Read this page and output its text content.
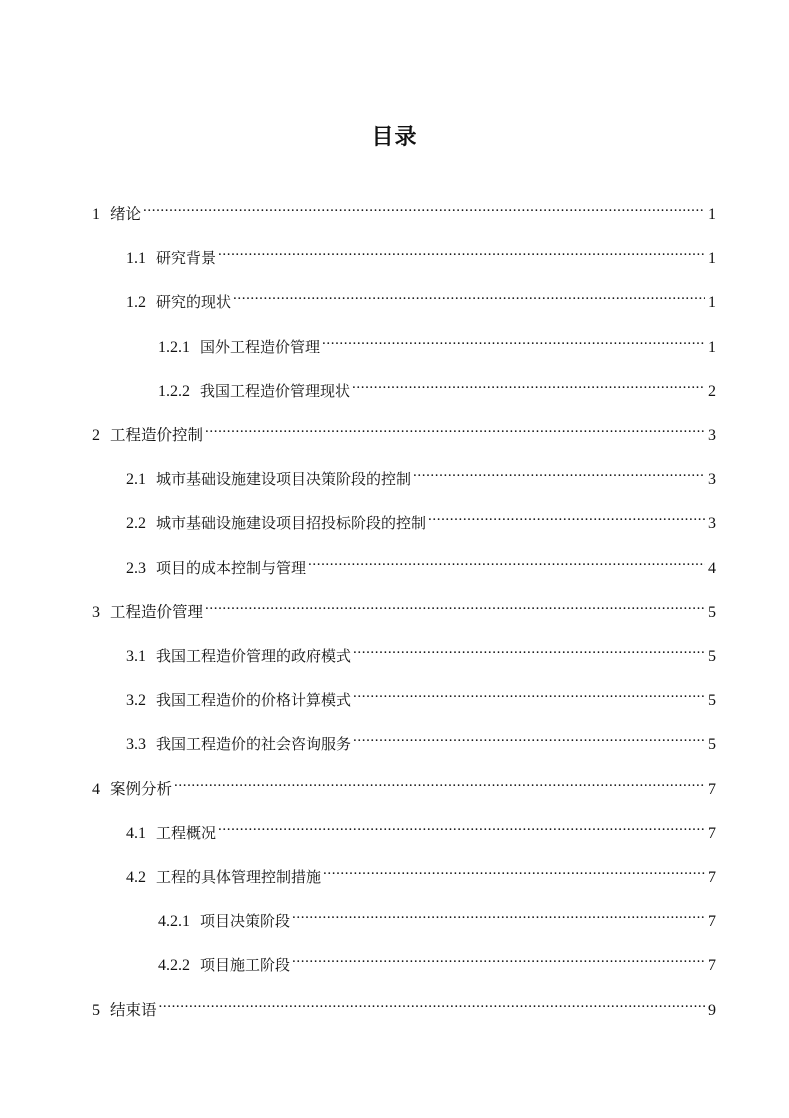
目录
1 绪论 .....	1
1.1 研究背景 .....	1
1.2 研究的现状 .....	1
1.2.1 国外工程造价管理 .....	1
1.2.2 我国工程造价管理现状 .....	2
2 工程造价控制 .....	3
2.1 城市基础设施建设项目决策阶段的控制 .....	3
2.2 城市基础设施建设项目招投标阶段的控制 .....	3
2.3 项目的成本控制与管理 .....	4
3 工程造价管理 .....	5
3.1 我国工程造价管理的政府模式 .....	5
3.2 我国工程造价的价格计算模式 .....	5
3.3 我国工程造价的社会咨询服务 .....	5
4 案例分析 .....	7
4.1 工程概况 .....	7
4.2 工程的具体管理控制措施 .....	7
4.2.1 项目决策阶段 .....	7
4.2.2 项目施工阶段 .....	7
5 结束语 .....	9
